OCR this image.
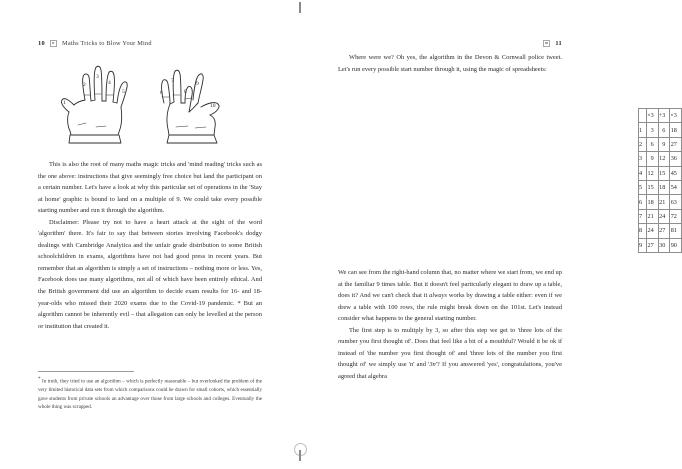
10	Maths Tricks to Blow Your Mind
1
2
3
4
5	6
7
8
9
10

This is also the root of many maths magic tricks and 'mind reading' tricks such as the one above: instructions that give seemingly free choice but land the participant on a certain number. Let's have a look at why this particular set of operations in the 'Stay at home' graphic is bound to land on a multiple of 9. We could take every possible starting number and run it through the algorithm.

Disclaimer: Please try not to have a heart attack at the sight of the word 'algorithm' there. It's fair to say that between stories involving Facebook's dodgy dealings with Cambridge Analytica and the unfair grade distribution to some British schoolchildren in exams, algorithms have not had good press in recent years. But remember that an algorithm is simply a set of instructions – nothing more or less. Yes, Facebook does use many algorithms, not all of which have been entirely ethical. And the British government did use an algorithm to decide exam results for 16- and 18-year-olds who missed their 2020 exams due to the Covid-19 pandemic. * But an algorithm cannot be inherently evil – that allegation can only be levelled at the person or institution that created it.

* In truth, they tried to use an algorithm – which is perfectly reasonable – but overlooked the problem of the very limited historical data sets from which comparisons could be drawn for small cohorts, which essentially gave students from private schools an advantage over those from large schools and colleges. Eventually the whole thing was scrapped.
11

Where were we? Oh yes, the algorithm in the Devon & Cornwall police tweet. Let's run every possible start number through it, using the magic of spreadsheets:

	×3	+3	×3
1	3	6	18
2	6	9	27
3	9	12	36
4	12	15	45
5	15	18	54
6	18	21	63
7	21	24	72
8	24	27	81
9	27	30	90

We can see from the right-hand column that, no matter where we start from, we end up at the familiar 9 times table. But it doesn't feel particularly elegant to draw up a table, does it? And we can't check that it always works by drawing a table either: even if we drew a table with 100 rows, the rule might break down on the 101st. Let's instead consider what happens to the general starting number.

The first step is to multiply by 3, so after this step we get to 'three lots of the number you first thought of'. Does that feel like a bit of a mouthful? Would it be ok if instead of 'the number you first thought of' and 'three lots of the number you first thought of' we simply use 'n' and '3n'? If you answered 'yes', congratulations, you've agreed that algebra
